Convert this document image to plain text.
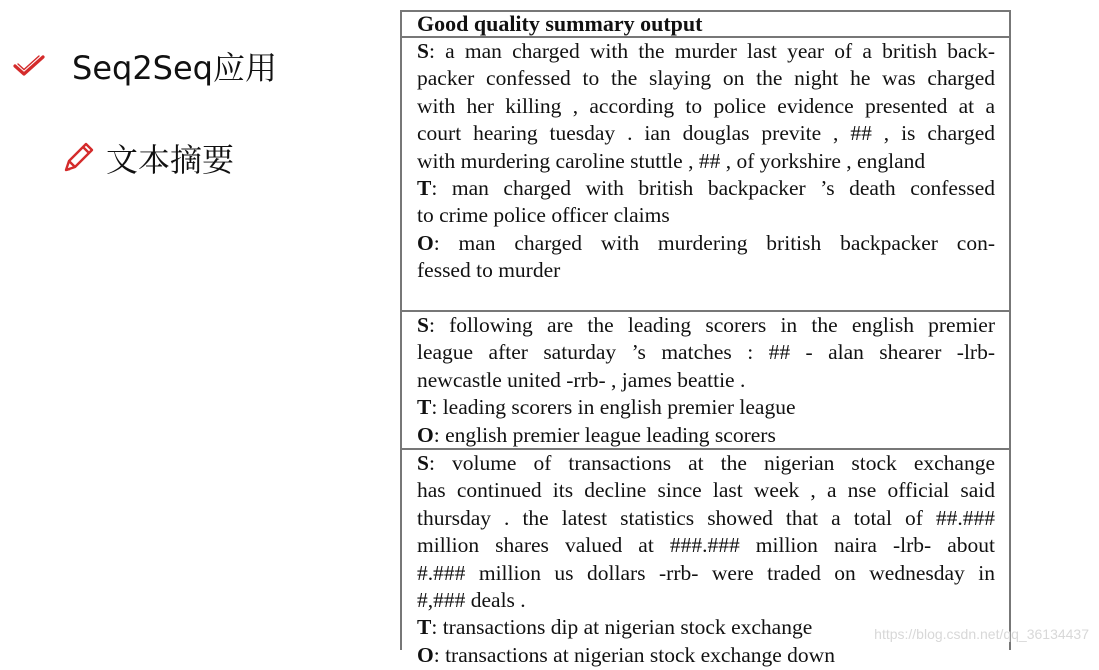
Seq2Seq应用
文本摘要
Good quality summary output
S: a man charged with the murder last year of a british back-
packer confessed to the slaying on the night he was charged
with her killing , according to police evidence presented at a
court hearing tuesday . ian douglas previte , ## , is charged
with murdering caroline stuttle , ## , of yorkshire , england
T: man charged with british backpacker ’s death confessed
to crime police officer claims
O: man charged with murdering british backpacker con-
fessed to murder
S: following are the leading scorers in the english premier
league after saturday ’s matches : ## - alan shearer -lrb-
newcastle united -rrb- , james beattie .
T: leading scorers in english premier league
O: english premier league leading scorers
S: volume of transactions at the nigerian stock exchange
has continued its decline since last week , a nse official said
thursday . the latest statistics showed that a total of ##.###
million shares valued at ###.### million naira -lrb- about
#.### million us dollars -rrb- were traded on wednesday in
#,### deals .
T: transactions dip at nigerian stock exchange
O: transactions at nigerian stock exchange down
https://blog.csdn.net/qq_36134437
